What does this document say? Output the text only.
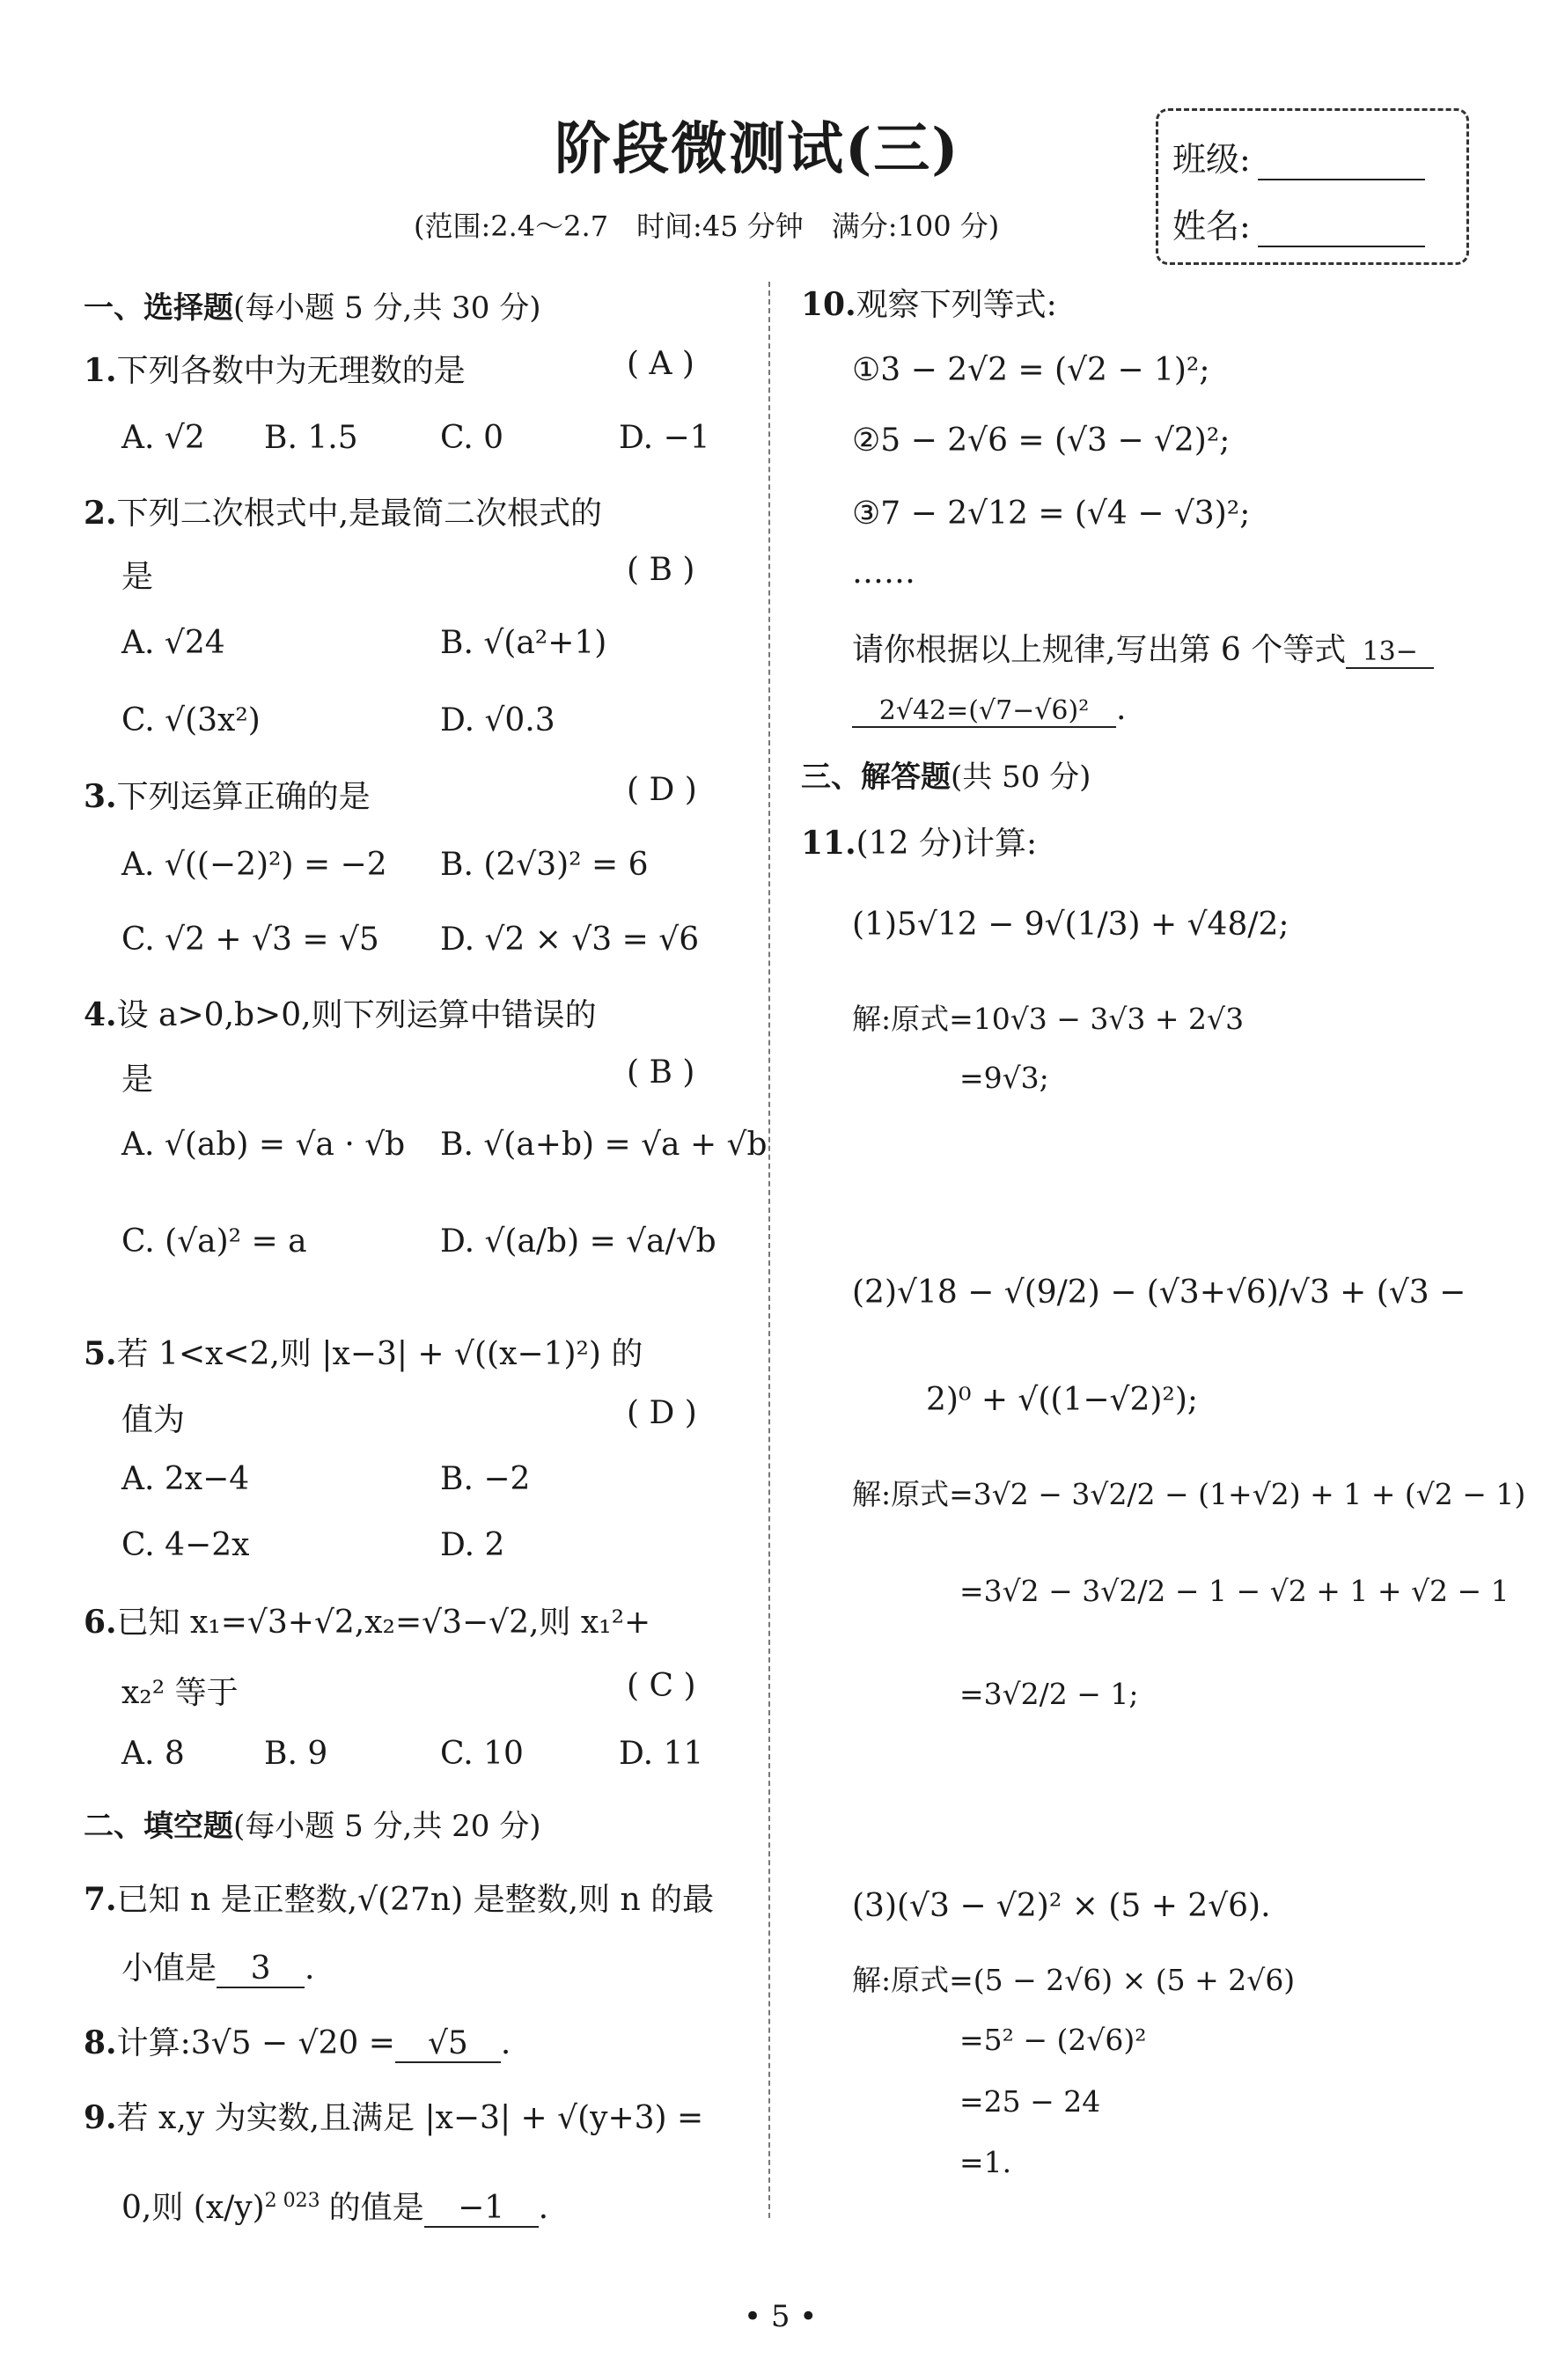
阶段微测试(三)
(范围:2.4～2.7　时间:45 分钟　满分:100 分)
班级:
姓名:
一、选择题(每小题 5 分,共 30 分)
1.下列各数中为无理数的是	( A )
A. √2 B. 1.5	C. 0	D. −1
2.下列二次根式中,是最简二次根式的
是	( B )
A. √24	B. √(a²+1)
C. √(3x²)	D. √0.3
3.下列运算正确的是	( D )
A. √((−2)²) = −2 B. (2√3)² = 6
C. √2 + √3 = √5 D. √2 × √3 = √6
4.设 a>0,b>0,则下列运算中错误的
是	( B )
A. √(ab) = √a · √b B. √(a+b) = √a + √b
C. (√a)² = a	D. √(a/b) = √a/√b
5.若 1<x<2,则 |x−3| + √((x−1)²) 的
值为	( D )
A. 2x−4	B. −2
C. 4−2x	D. 2
6.已知 x₁=√3+√2,x₂=√3−√2,则 x₁²+
x₂² 等于	( C )
A. 8	B. 9	C. 10	D. 11
二、填空题(每小题 5 分,共 20 分)
7.已知 n 是正整数,√(27n) 是整数,则 n 的最
小值是 3 .
8.计算:3√5 − √20 = √5 .
9.若 x,y 为实数,且满足 |x−3| + √(y+3) =
0,则 $(x/y)^{2 023}$ 的值是 −1 .
10.观察下列等式:
①3 − 2√2 = (√2 − 1)²;
②5 − 2√6 = (√3 − √2)²;
③7 − 2√12 = (√4 − √3)²;
……
请你根据以上规律,写出第 6 个等式 13−
2√42=(√7−√6)² .
三、解答题(共 50 分)
11.(12 分)计算:
(1)5√12 − 9√(1/3) + √48/2;
解:原式=10√3 − 3√3 + 2√3
=9√3;
(2)√18 − √(9/2) − (√3+√6)/√3 + (√3 −
2)⁰ + √((1−√2)²);
解:原式=3√2 − 3√2/2 − (1+√2) + 1 + (√2 − 1)
=3√2 − 3√2/2 − 1 − √2 + 1 + √2 − 1
=3√2/2 − 1;
(3)(√3 − √2)² × (5 + 2√6).
解:原式=(5 − 2√6) × (5 + 2√6)
=5² − (2√6)²
=25 − 24
=1.
• 5 •
